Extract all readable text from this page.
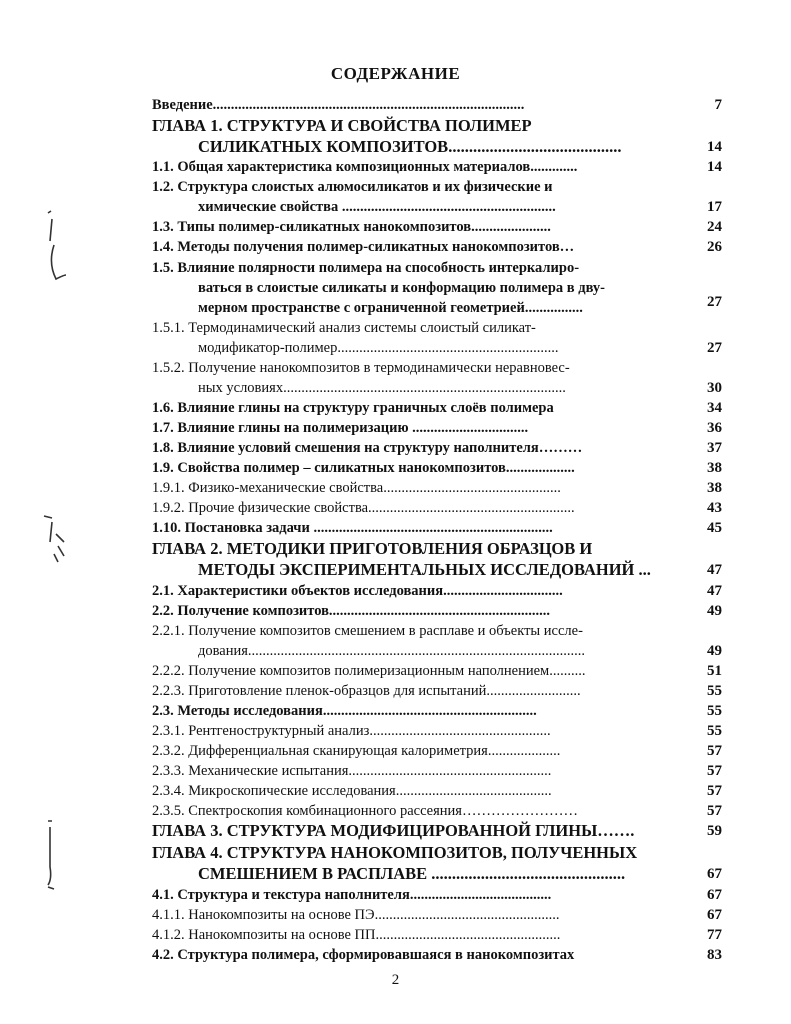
СОДЕРЖАНИЕ
Введение......................................................................................	7
ГЛАВА 1. СТРУКТУРА И СВОЙСТВА ПОЛИМЕР
СИЛИКАТНЫХ КОМПОЗИТОВ..........................................	14
1.1. Общая характеристика композиционных материалов.............	14
1.2. Структура слоистых алюмосиликатов и их физические и
химические свойства ...........................................................	17
1.3. Типы полимер-силикатных нанокомпозитов......................	24
1.4. Методы получения полимер-силикатных нанокомпозитов…	26
1.5. Влияние полярности полимера на способность интеркалиро-
ваться в слоистые силикаты и конформацию полимера в дву-
мерном пространстве с ограниченной геометрией................	27
1.5.1. Термодинамический анализ системы слоистый силикат-
модификатор-полимер.............................................................	27
1.5.2. Получение нанокомпозитов в термодинамически неравновес-
ных условиях..............................................................................	30
1.6. Влияние глины на структуру граничных слоёв полимера	34
1.7. Влияние глины на полимеризацию ................................	36
1.8. Влияние условий смешения на структуру наполнителя………	37
1.9. Свойства полимер – силикатных нанокомпозитов...................	38
1.9.1. Физико-механические свойства.................................................	38
1.9.2. Прочие физические свойства.........................................................	43
1.10. Постановка задачи ..................................................................	45
ГЛАВА 2. МЕТОДИКИ ПРИГОТОВЛЕНИЯ ОБРАЗЦОВ И
МЕТОДЫ ЭКСПЕРИМЕНТАЛЬНЫХ ИССЛЕДОВАНИЙ ...	47
2.1. Характеристики объектов исследования.................................	47
2.2. Получение композитов.............................................................	49
2.2.1. Получение композитов смешением в расплаве и объекты иссле-
дования.............................................................................................	49
2.2.2. Получение композитов полимеризационным наполнением..........	51
2.2.3. Приготовление пленок-образцов для испытаний..........................	55
2.3. Методы исследования...........................................................	55
2.3.1. Рентгеноструктурный анализ..................................................	55
2.3.2. Дифференциальная сканирующая калориметрия....................	57
2.3.3. Механические испытания........................................................	57
2.3.4. Микроскопические исследования...........................................	57
2.3.5. Спектроскопия комбинационного рассеяния……………………	57
ГЛАВА 3. СТРУКТУРА МОДИФИЦИРОВАННОЙ ГЛИНЫ…….	59
ГЛАВА 4. СТРУКТУРА НАНОКОМПОЗИТОВ, ПОЛУЧЕННЫХ
СМЕШЕНИЕМ В РАСПЛАВЕ ...............................................	67
4.1. Структура и текстура наполнителя.......................................	67
4.1.1. Нанокомпозиты на основе ПЭ...................................................	67
4.1.2. Нанокомпозиты на основе ПП...................................................	77
4.2. Структура полимера, сформировавшаяся в нанокомпозитах	83
2
